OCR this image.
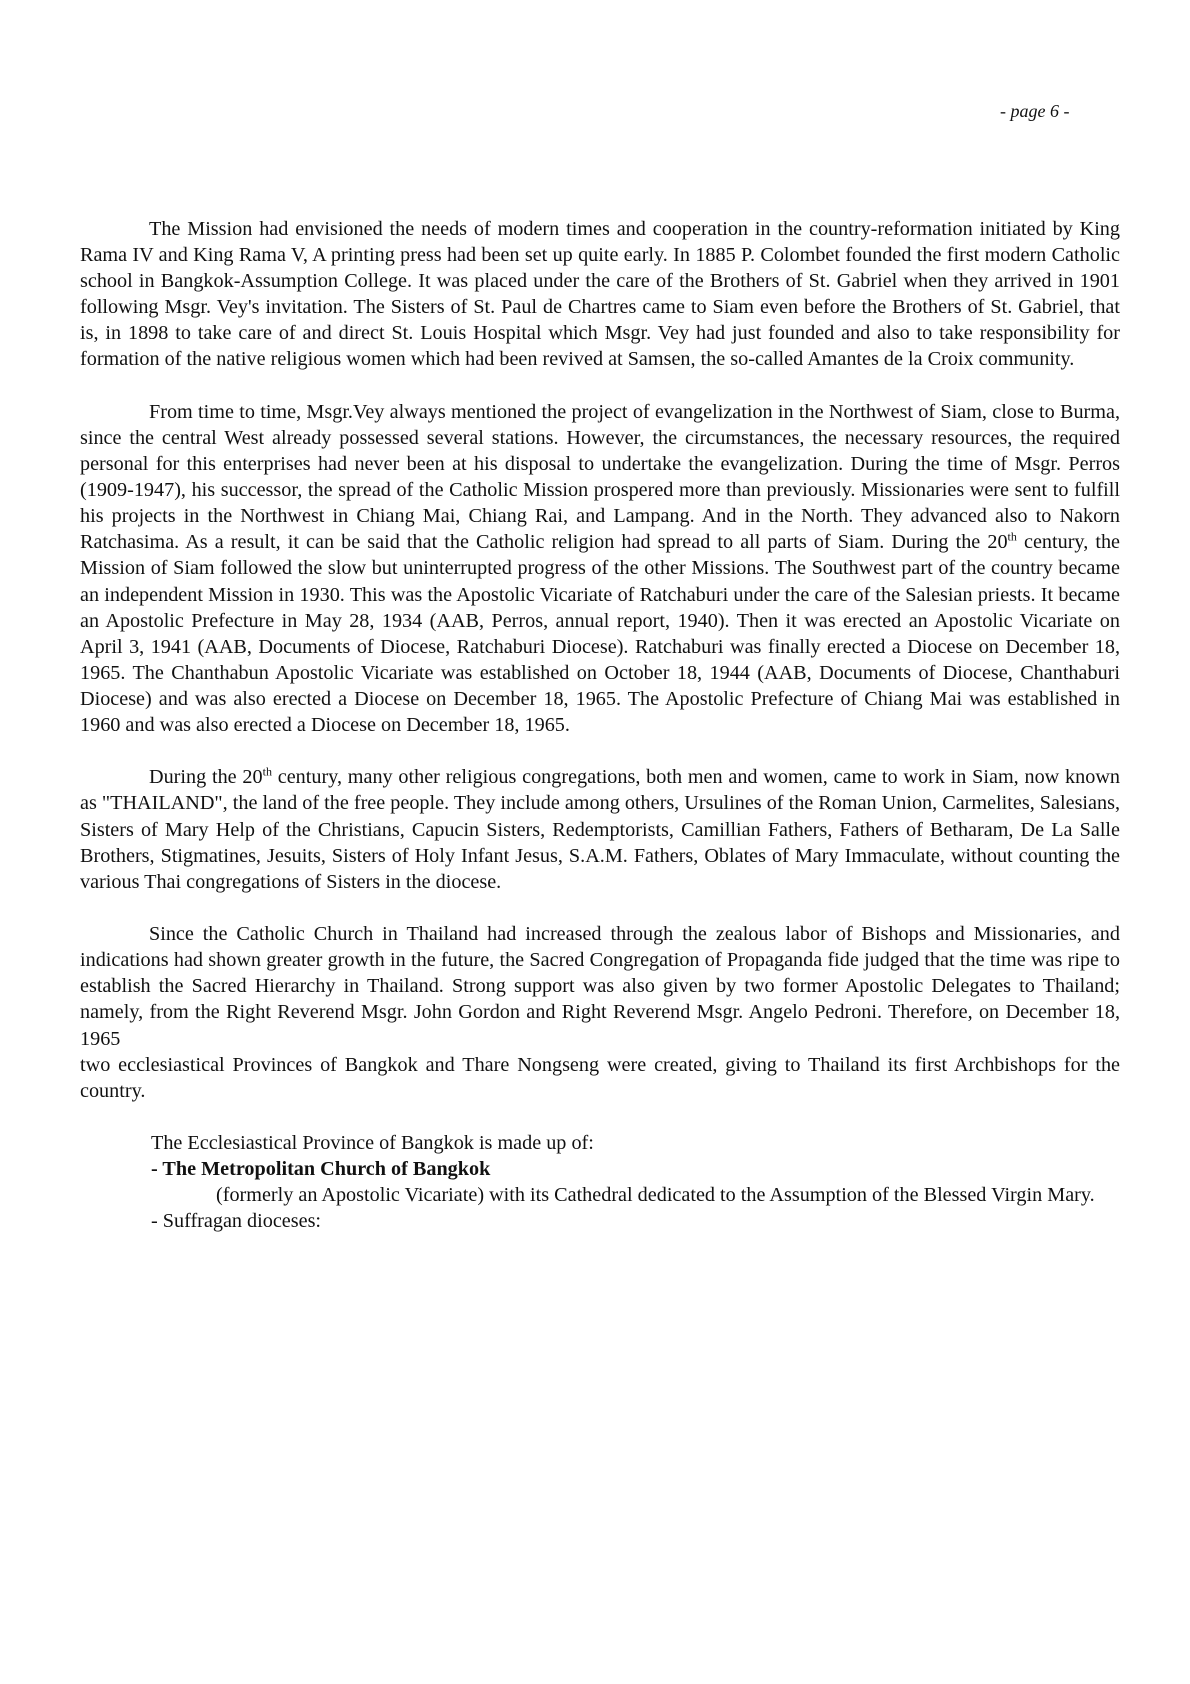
- page 6 -

The Mission had envisioned the needs of modern times and cooperation in the country-reformation initiated by King Rama IV and King Rama V, A printing press had been set up quite early. In 1885 P. Colombet founded the first modern Catholic school in Bangkok-Assumption College. It was placed under the care of the Brothers of St. Gabriel when they arrived in 1901 following Msgr. Vey's invitation. The Sisters of St. Paul de Chartres came to Siam even before the Brothers of St. Gabriel, that is, in 1898 to take care of and direct St. Louis Hospital which Msgr. Vey had just founded and also to take responsibility for formation of the native religious women which had been revived at Samsen, the so-called Amantes de la Croix community.

From time to time, Msgr.Vey always mentioned the project of evangelization in the Northwest of Siam, close to Burma, since the central West already possessed several stations. However, the circumstances, the necessary resources, the required personal for this enterprises had never been at his disposal to undertake the evangelization. During the time of Msgr. Perros (1909-1947), his successor, the spread of the Catholic Mission prospered more than previously. Missionaries were sent to fulfill his projects in the Northwest in Chiang Mai, Chiang Rai, and Lampang. And in the North. They advanced also to Nakorn Ratchasima. As a result, it can be said that the Catholic religion had spread to all parts of Siam. During the 20th century, the Mission of Siam followed the slow but uninterrupted progress of the other Missions. The Southwest part of the country became an independent Mission in 1930. This was the Apostolic Vicariate of Ratchaburi under the care of the Salesian priests. It became an Apostolic Prefecture in May 28, 1934 (AAB, Perros, annual report, 1940). Then it was erected an Apostolic Vicariate on April 3, 1941 (AAB, Documents of Diocese, Ratchaburi Diocese). Ratchaburi was finally erected a Diocese on December 18, 1965. The Chanthabun Apostolic Vicariate was established on October 18, 1944 (AAB, Documents of Diocese, Chanthaburi Diocese) and was also erected a Diocese on December 18, 1965. The Apostolic Prefecture of Chiang Mai was established in 1960 and was also erected a Diocese on December 18, 1965.

During the 20th century, many other religious congregations, both men and women, came to work in Siam, now known as "THAILAND", the land of the free people. They include among others, Ursulines of the Roman Union, Carmelites, Salesians, Sisters of Mary Help of the Christians, Capucin Sisters, Redemptorists, Camillian Fathers, Fathers of Betharam, De La Salle Brothers, Stigmatines, Jesuits, Sisters of Holy Infant Jesus, S.A.M. Fathers, Oblates of Mary Immaculate, without counting the various Thai congregations of Sisters in the diocese.

Since the Catholic Church in Thailand had increased through the zealous labor of Bishops and Missionaries, and indications had shown greater growth in the future, the Sacred Congregation of Propaganda fide judged that the time was ripe to establish the Sacred Hierarchy in Thailand. Strong support was also given by two former Apostolic Delegates to Thailand; namely, from the Right Reverend Msgr. John Gordon and Right Reverend Msgr. Angelo Pedroni. Therefore, on December 18, 1965
two ecclesiastical Provinces of Bangkok and Thare Nongseng were created, giving to Thailand its first Archbishops for the country.

The Ecclesiastical Province of Bangkok is made up of:

- The Metropolitan Church of Bangkok

(formerly an Apostolic Vicariate) with its Cathedral dedicated to the Assumption of the Blessed Virgin Mary.

- Suffragan dioceses:
